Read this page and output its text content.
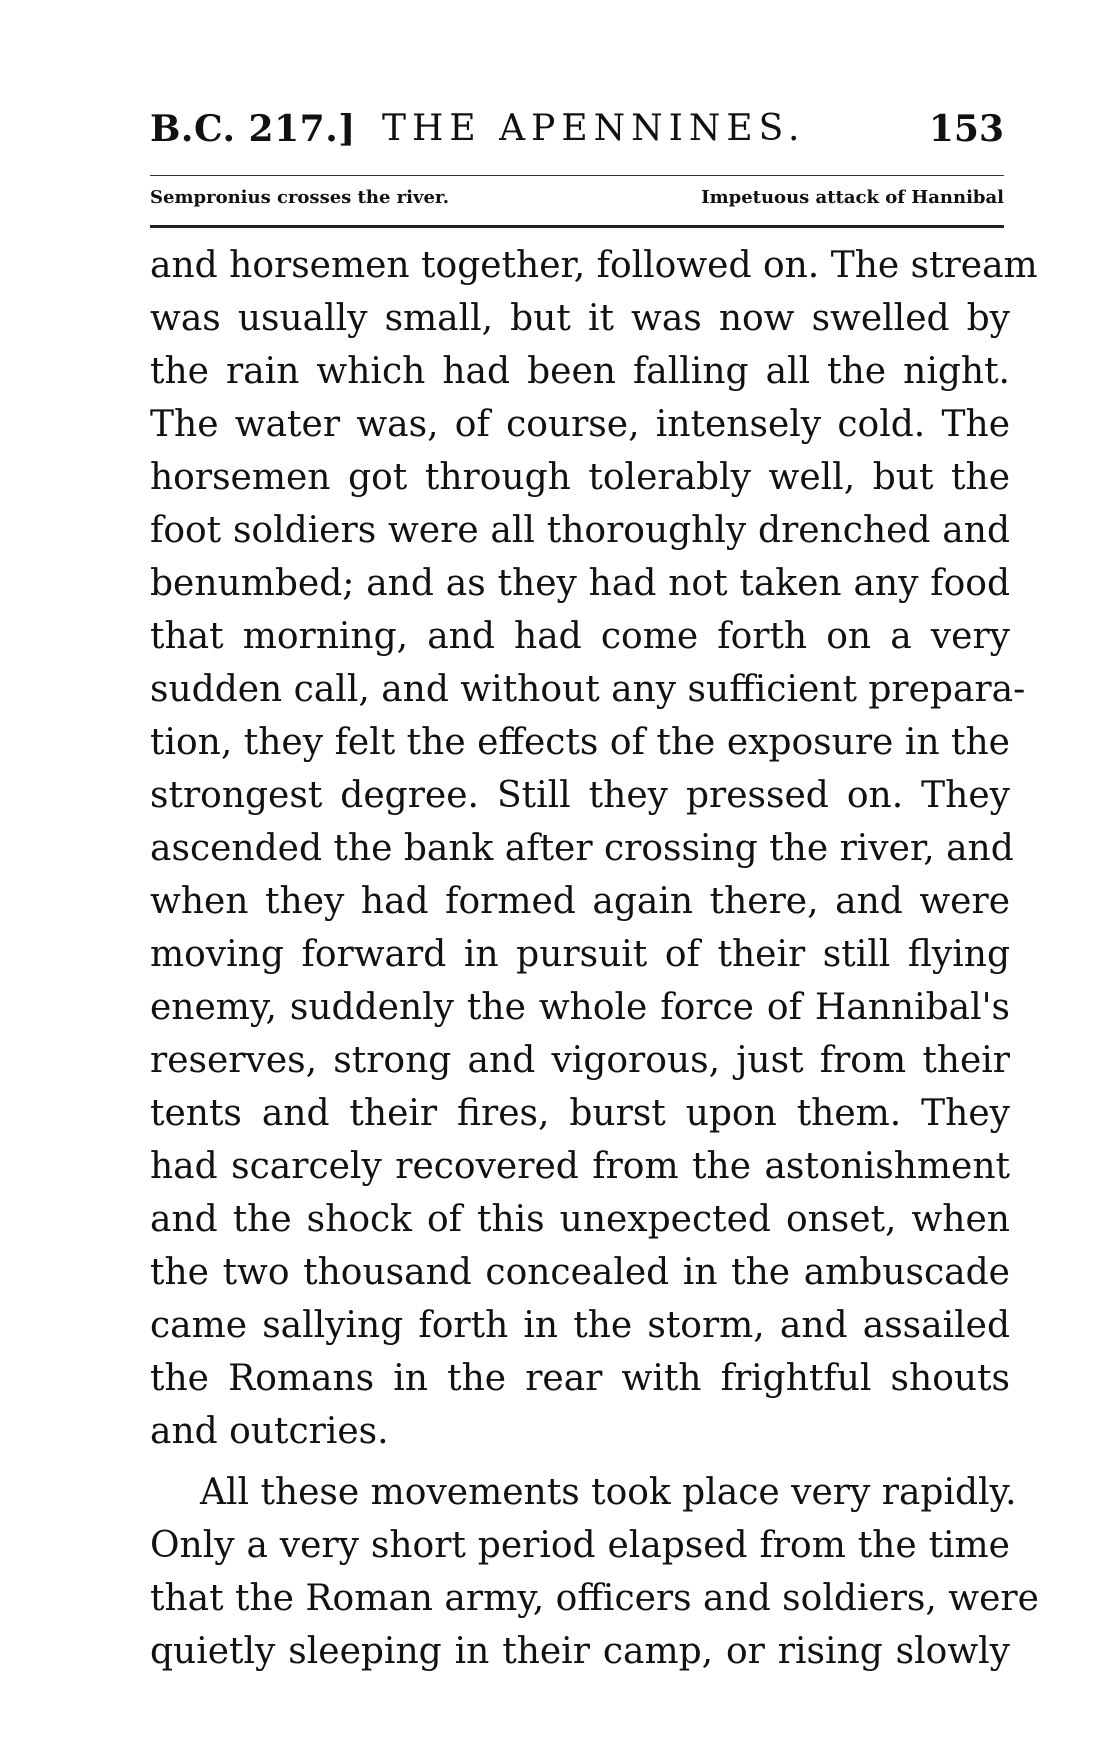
B.C. 217.] THE APENNINES.	153
Sempronius crosses the river.	Impetuous attack of Hannibal
and horsemen together, followed on. The stream
was usually small, but it was now swelled by
the rain which had been falling all the night.
The water was, of course, intensely cold. The
horsemen got through tolerably well, but the
foot soldiers were all thoroughly drenched and
benumbed; and as they had not taken any food
that morning, and had come forth on a very
sudden call, and without any sufficient prepara-
tion, they felt the effects of the exposure in the
strongest degree. Still they pressed on. They
ascended the bank after crossing the river, and
when they had formed again there, and were
moving forward in pursuit of their still flying
enemy, suddenly the whole force of Hannibal's
reserves, strong and vigorous, just from their
tents and their fires, burst upon them. They
had scarcely recovered from the astonishment
and the shock of this unexpected onset, when
the two thousand concealed in the ambuscade
came sallying forth in the storm, and assailed
the Romans in the rear with frightful shouts
and outcries.
All these movements took place very rapidly.
Only a very short period elapsed from the time
that the Roman army, officers and soldiers, were
quietly sleeping in their camp, or rising slowly
